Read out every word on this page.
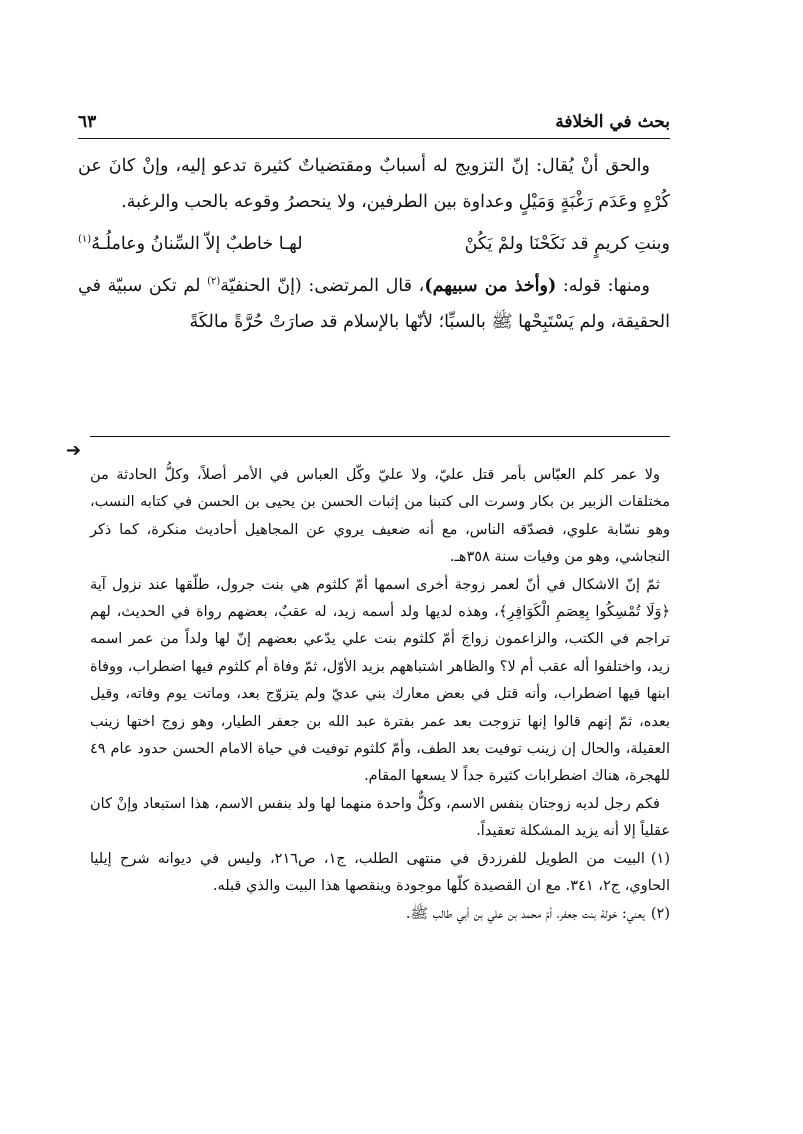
بحث في الخلافة
٦٣

والحق أنْ يُقال: إنّ التزويج له أسبابٌ ومقتضياتٌ كثيرة تدعو إليه، وإنْ كانَ عن كُرْهٍ وعَدَم رَغْبَةٍ وَمَيْلٍ وعداوة بين الطرفين، ولا ينحصرُ وقوعه بالحب والرغبة.

وبنتِ كريمٍ قد نَكَحْنَا ولمْ يَكُنْ
لهـا خاطبٌ إلاّ السِّنانُ وعاملُـهُ$^{(١)}$

ومنها: قوله: (وأخذ من سبيهم)، قال المرتضى: (إنّ الحنفيّة$^{(٢)}$ لم تكن سبيّة في الحقيقة، ولم يَسْتَبِحْها ﷺ بالسبِّا؛ لأنّها بالإسلام قد صارَتْ حُرَّةً مالكَةً

➔

ولا عمر كلم العبّاس بأمر قتل عليّ، ولا عليّ وكّل العباس في الأمر أصلاً، وكلُّ الحادثة من مختلقات الزبير بن بكار وسرت الى كتبنا من إثبات الحسن بن يحيى بن الحسن في كتابه النسب، وهو نسّابة علوي، فصدّقه الناس، مع أنه ضعيف يروي عن المجاهيل أحاديث منكرة، كما ذكر النجاشي، وهو من وفيات سنة ٣٥٨هـ.

ثمّ إنّ الاشكال في أنّ لعمر زوجة أخرى اسمها أمّ كلثوم هي بنت جرول، طلّقها عند نزول آية ﴿وَلَا تُمْسِكُوا بِعِصَمِ الْكَوَافِرِ﴾، وهذه لديها ولد أسمه زيد، له عقبٌ، بعضهم رواة في الحديث، لهم تراجم في الكتب، والزاعمون زواجَ أمّ كلثوم بنت علي يدّعي بعضهم إنّ لها ولداً من عمر اسمه زيد، واختلفوا أله عقب أم لا؟ والظاهر اشتباههم بزيد الأوّل، ثمّ وفاة أم كلثوم فيها اضطراب، ووفاة ابنها فيها اضطراب، وأنه قتل في بعض معارك بني عديّ ولم يتزوّج بعد، وماتت يوم وفاته، وقيل بعده، ثمّ إنهم قالوا إنها تزوجت بعد عمر بفترة عبد الله بن جعفر الطيار، وهو زوج اختها زينب العقيلة، والحال إن زينب توفيت بعد الطف، وأمّ كلثوم توفيت في حياة الامام الحسن حدود عام ٤٩ للهجرة، هناك اضطرابات كثيرة جداً لا يسعها المقام.

فكم رجل لديه زوجتان بنفس الاسم، وكلٌّ واحدة منهما لها ولد بنفس الاسم، هذا استبعاد وإنْ كان عقلياً إلا أنه يزيد المشكلة تعقيداً.

(١)البيت من الطويل للفرزدق في منتهى الطلب، ج١، ص٢١٦، وليس في ديوانه شرح إيليا الحاوي، ج٢، ٣٤١. مع ان القصيدة كلّها موجودة وينقصها هذا البيت والذي قبله.

(٢)يعني: خولة بنت جعفر، أمّ محمد بن علي بن أبي طالب ﷺ.
